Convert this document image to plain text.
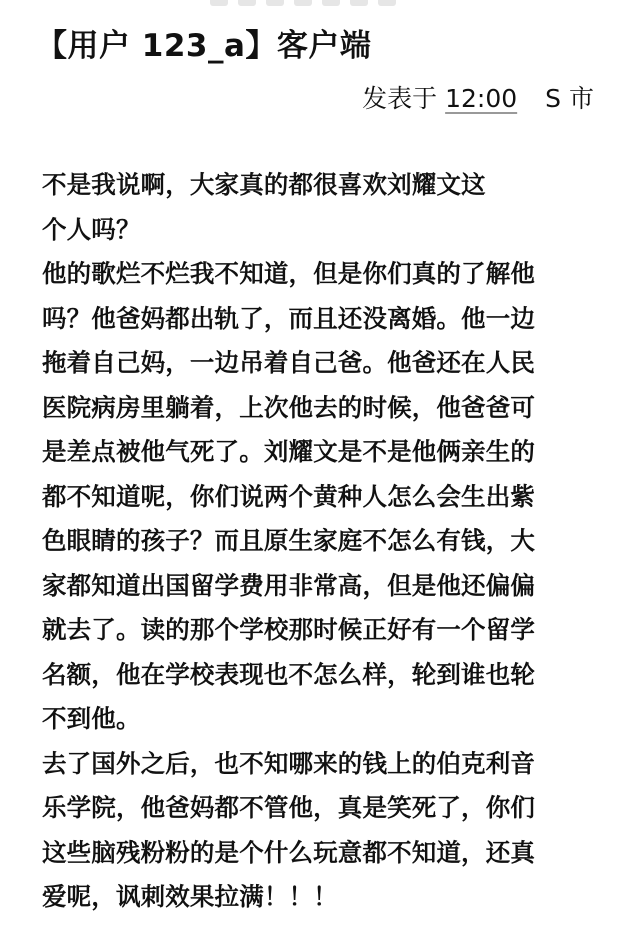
【用户 123_a】客户端
发表于 12:00 S 市
不是我说啊，大家真的都很喜欢刘耀文这
个人吗？
他的歌烂不烂我不知道，但是你们真的了解他
吗？他爸妈都出轨了，而且还没离婚。他一边
拖着自己妈，一边吊着自己爸。他爸还在人民
医院病房里躺着，上次他去的时候，他爸爸可
是差点被他气死了。刘耀文是不是他俩亲生的
都不知道呢，你们说两个黄种人怎么会生出紫
色眼睛的孩子？而且原生家庭不怎么有钱，大
家都知道出国留学费用非常高，但是他还偏偏
就去了。读的那个学校那时候正好有一个留学
名额，他在学校表现也不怎么样，轮到谁也轮
不到他。
去了国外之后，也不知哪来的钱上的伯克利音
乐学院，他爸妈都不管他，真是笑死了，你们
这些脑残粉粉的是个什么玩意都不知道，还真
爱呢，讽刺效果拉满！！！
